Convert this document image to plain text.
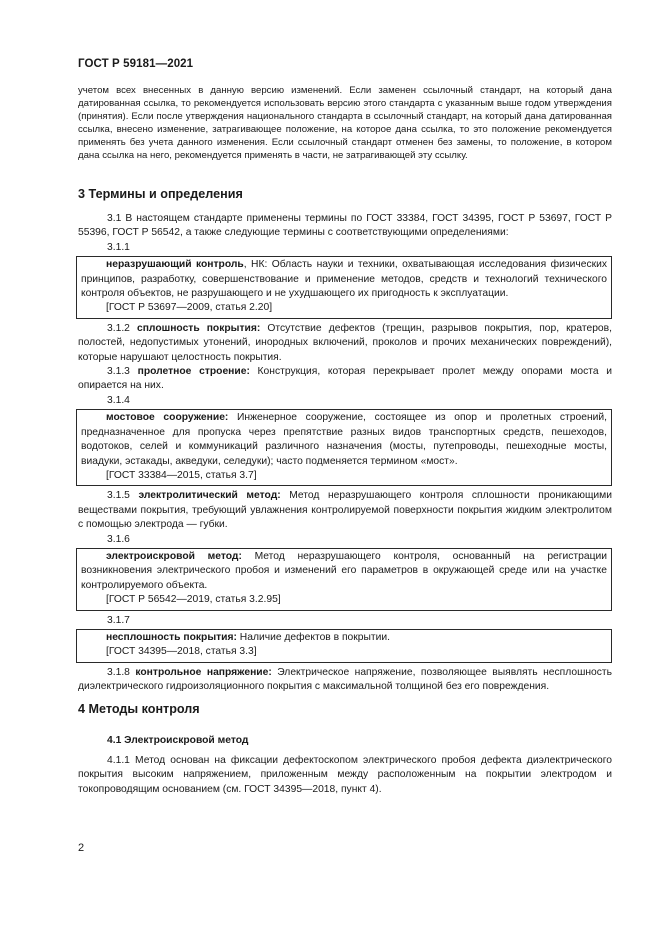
ГОСТ Р 59181—2021
учетом всех внесенных в данную версию изменений. Если заменен ссылочный стандарт, на который дана датированная ссылка, то рекомендуется использовать версию этого стандарта с указанным выше годом утверждения (принятия). Если после утверждения национального стандарта в ссылочный стандарт, на который дана датированная ссылка, внесено изменение, затрагивающее положение, на которое дана ссылка, то это положение рекомендуется применять без учета данного изменения. Если ссылочный стандарт отменен без замены, то положение, в котором дана ссылка на него, рекомендуется применять в части, не затрагивающей эту ссылку.
3 Термины и определения

3.1 В настоящем стандарте применены термины по ГОСТ 33384, ГОСТ 34395, ГОСТ Р 53697, ГОСТ Р 55396, ГОСТ Р 56542, а также следующие термины с соответствующими определениями:

3.1.1

неразрушающий контроль, НК: Область науки и техники, охватывающая исследования физических принципов, разработку, совершенствование и применение методов, средств и технологий технического контроля объектов, не разрушающего и не ухудшающего их пригодность к эксплуатации.

[ГОСТ Р 53697—2009, статья 2.20]

3.1.2 сплошность покрытия: Отсутствие дефектов (трещин, разрывов покрытия, пор, кратеров, полостей, недопустимых утонений, инородных включений, проколов и прочих механических повреждений), которые нарушают целостность покрытия.

3.1.3 пролетное строение: Конструкция, которая перекрывает пролет между опорами моста и опирается на них.

3.1.4

мостовое сооружение: Инженерное сооружение, состоящее из опор и пролетных строений, предназначенное для пропуска через препятствие разных видов транспортных средств, пешеходов, водотоков, селей и коммуникаций различного назначения (мосты, путепроводы, пешеходные мосты, виадуки, эстакады, акведуки, селедуки); часто подменяется термином «мост».

[ГОСТ 33384—2015, статья 3.7]

3.1.5 электролитический метод: Метод неразрушающего контроля сплошности проникающими веществами покрытия, требующий увлажнения контролируемой поверхности покрытия жидким электролитом с помощью электрода — губки.

3.1.6

электроискровой метод: Метод неразрушающего контроля, основанный на регистрации возникновения электрического пробоя и изменений его параметров в окружающей среде или на участке контролируемого объекта.

[ГОСТ Р 56542—2019, статья 3.2.95]

3.1.7

несплошность покрытия: Наличие дефектов в покрытии.

[ГОСТ 34395—2018, статья 3.3]

3.1.8 контрольное напряжение: Электрическое напряжение, позволяющее выявлять несплошность диэлектрического гидроизоляционного покрытия с максимальной толщиной без его повреждения.

4 Методы контроля
4.1 Электроискровой метод

4.1.1 Метод основан на фиксации дефектоскопом электрического пробоя дефекта диэлектрического покрытия высоким напряжением, приложенным между расположенным на покрытии электродом и токопроводящим основанием (см. ГОСТ 34395—2018, пункт 4).

2
